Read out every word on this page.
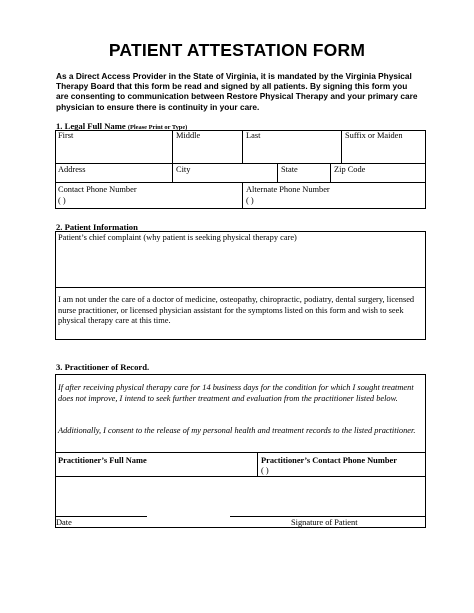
PATIENT ATTESTATION FORM
As a Direct Access Provider in the State of Virginia, it is mandated by the Virginia Physical Therapy Board that this form be read and signed by all patients. By signing this form you are consenting to communication between Restore Physical Therapy and your primary care physician to ensure there is continuity in your care.
1. Legal Full Name (Please Print or Type)
First	Middle	Last	Suffix or Maiden
Address	City	State	Zip Code
Contact Phone Number
( )
Alternate Phone Number
( )
2. Patient Information
Patient’s chief complaint (why patient is seeking physical therapy care)
I am not under the care of a doctor of medicine, osteopathy, chiropractic, podiatry, dental surgery, licensed nurse practitioner, or licensed physician assistant for the symptoms listed on this form and wish to seek physical therapy care at this time.
3. Practitioner of Record.
If after receiving physical therapy care for 14 business days for the condition for which I sought treatment does not improve, I intend to seek further treatment and evaluation from the practitioner listed below.
Additionally, I consent to the release of my personal health and treatment records to the listed practitioner.
Practitioner’s Full Name	Practitioner’s Contact Phone Number
( )
Date	Signature of Patient
